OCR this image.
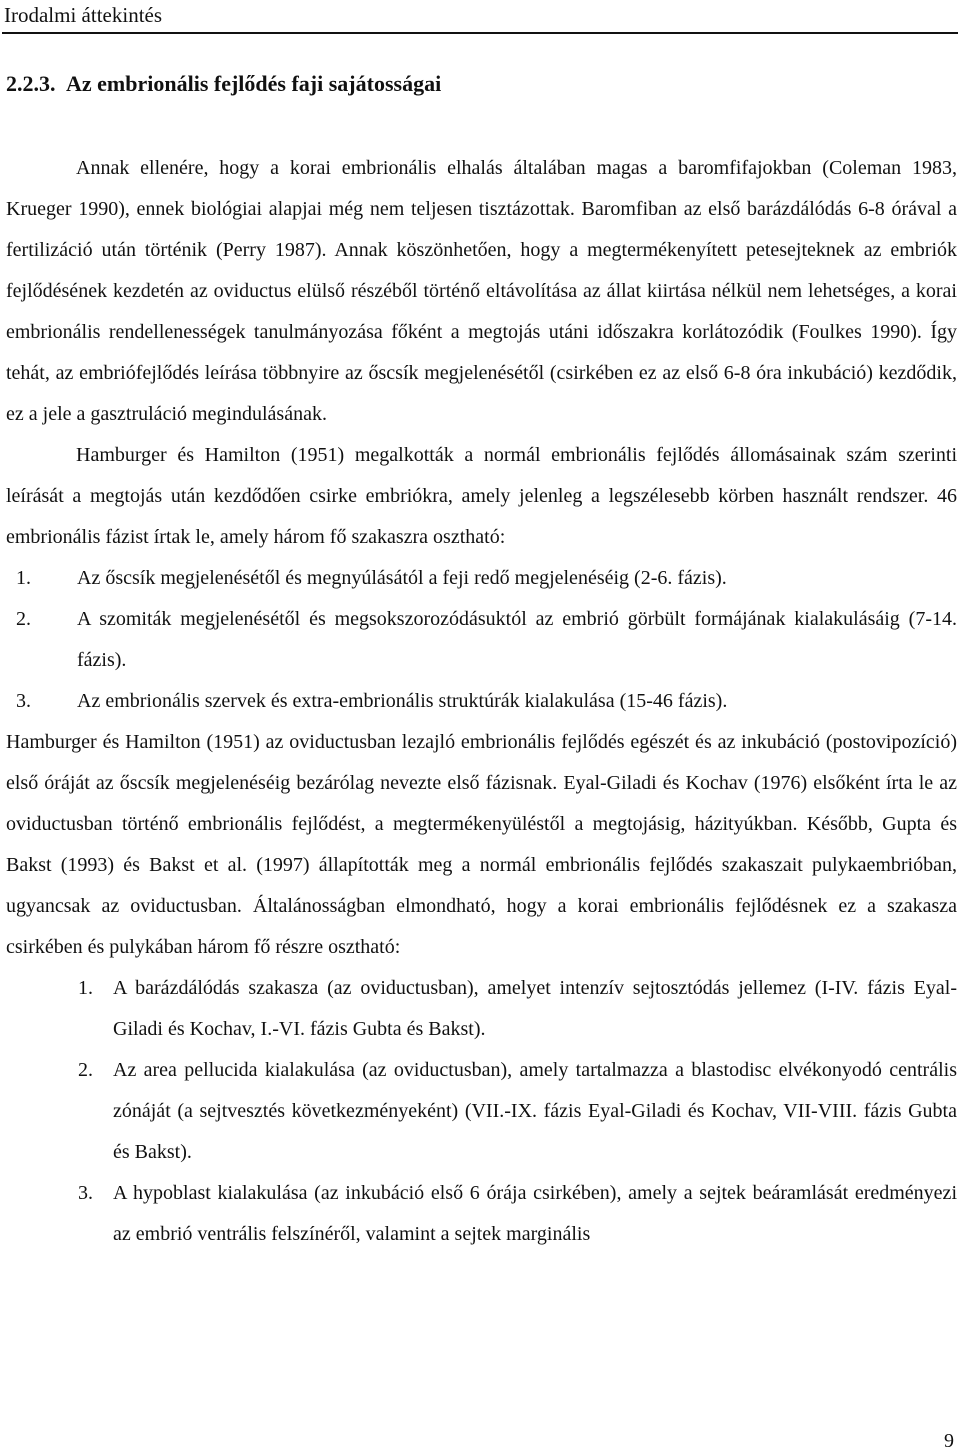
Irodalmi áttekintés
2.2.3. Az embrionális fejlődés faji sajátosságai

Annak ellenére, hogy a korai embrionális elhalás általában magas a baromfifajokban (Coleman 1983, Krueger 1990), ennek biológiai alapjai még nem teljesen tisztázottak. Baromfiban az első barázdálódás 6-8 órával a fertilizáció után történik (Perry 1987). Annak köszönhetően, hogy a megtermékenyített petesejteknek az embriók fejlődésének kezdetén az oviductus elülső részéből történő eltávolítása az állat kiirtása nélkül nem lehetséges, a korai embrionális rendellenességek tanulmányozása főként a megtojás utáni időszakra korlátozódik (Foulkes 1990). Így tehát, az embriófejlődés leírása többnyire az őscsík megjelenésétől (csirkében ez az első 6-8 óra inkubáció) kezdődik, ez a jele a gasztruláció megindulásának.

Hamburger és Hamilton (1951) megalkották a normál embrionális fejlődés állomásainak szám szerinti leírását a megtojás után kezdődően csirke embriókra, amely jelenleg a legszélesebb körben használt rendszer. 46 embrionális fázist írtak le, amely három fő szakaszra osztható:

1. Az őscsík megjelenésétől és megnyúlásától a feji redő megjelenéséig (2-6. fázis).
2. A szomiták megjelenésétől és megsokszorozódásuktól az embrió görbült formájának kialakulásáig (7-14. fázis).
3. Az embrionális szervek és extra-embrionális struktúrák kialakulása (15-46 fázis).

Hamburger és Hamilton (1951) az oviductusban lezajló embrionális fejlődés egészét és az inkubáció (postovipozíció) első óráját az őscsík megjelenéséig bezárólag nevezte első fázisnak. Eyal-Giladi és Kochav (1976) elsőként írta le az oviductusban történő embrionális fejlődést, a megtermékenyüléstől a megtojásig, házityúkban. Később, Gupta és Bakst (1993) és Bakst et al. (1997) állapították meg a normál embrionális fejlődés szakaszait pulykaembrióban, ugyancsak az oviductusban. Általánosságban elmondható, hogy a korai embrionális fejlődésnek ez a szakasza csirkében és pulykában három fő részre osztható:

1. A barázdálódás szakasza (az oviductusban), amelyet intenzív sejtosztódás jellemez (I-IV. fázis Eyal-Giladi és Kochav, I.-VI. fázis Gubta és Bakst).
2. Az area pellucida kialakulása (az oviductusban), amely tartalmazza a blastodisc elvékonyodó centrális zónáját (a sejtvesztés következményeként) (VII.-IX. fázis Eyal-Giladi és Kochav, VII-VIII. fázis Gubta és Bakst).
3. A hypoblast kialakulása (az inkubáció első 6 órája csirkében), amely a sejtek beáramlását eredményezi az embrió ventrális felszínéről, valamint a sejtek marginális
9
